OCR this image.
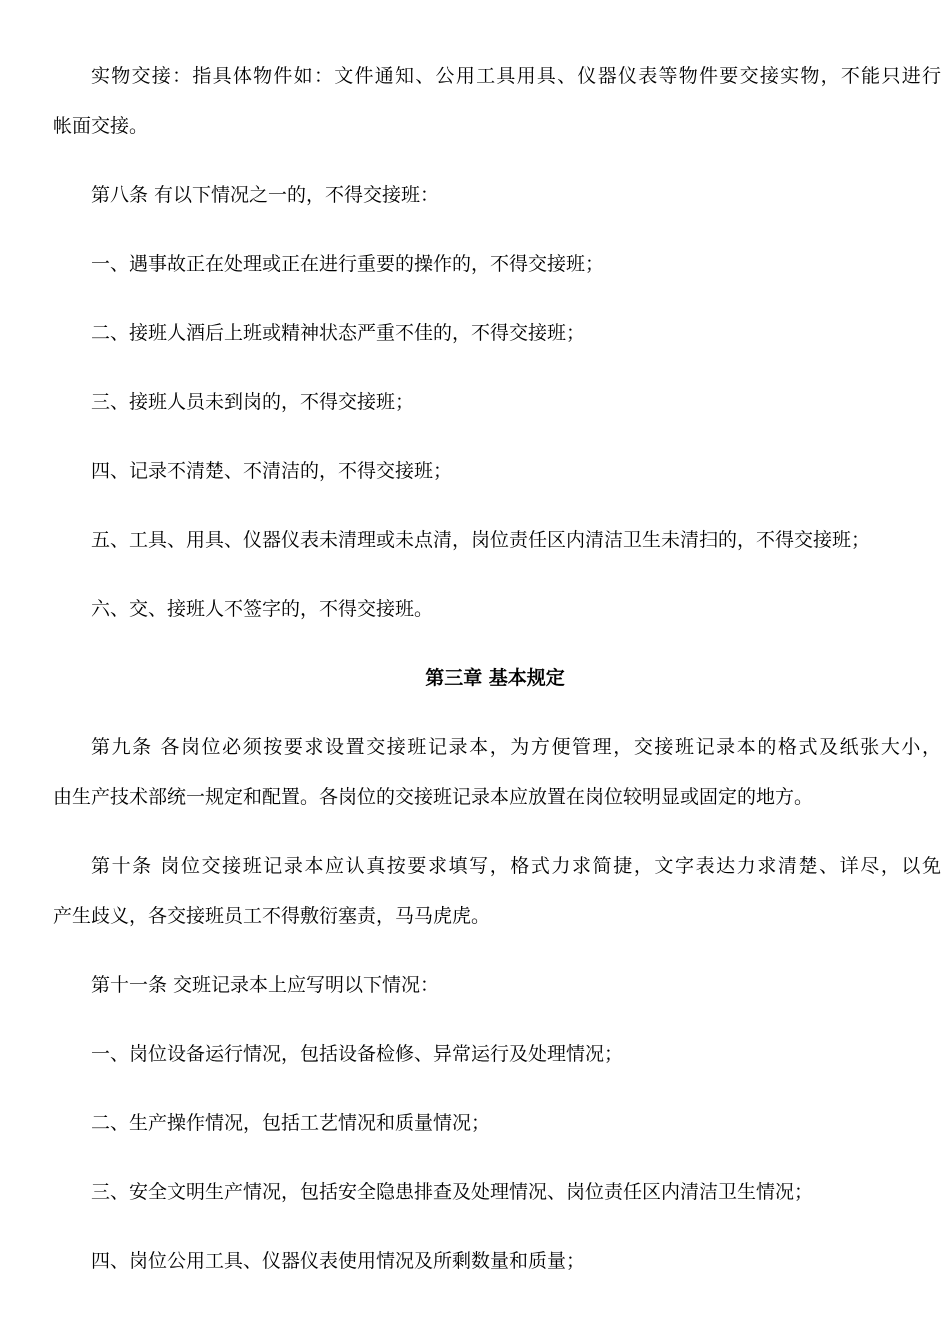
实物交接：指具体物件如：文件通知、公用工具用具、仪器仪表等物件要交接实物，不能只进行
帐面交接。
第八条 有以下情况之一的，不得交接班：
一、遇事故正在处理或正在进行重要的操作的，不得交接班；
二、接班人酒后上班或精神状态严重不佳的，不得交接班；
三、接班人员未到岗的，不得交接班；
四、记录不清楚、不清洁的，不得交接班；
五、工具、用具、仪器仪表未清理或未点清，岗位责任区内清洁卫生未清扫的，不得交接班；
六、交、接班人不签字的，不得交接班。
第三章 基本规定
第九条 各岗位必须按要求设置交接班记录本，为方便管理，交接班记录本的格式及纸张大小，
由生产技术部统一规定和配置。各岗位的交接班记录本应放置在岗位较明显或固定的地方。
第十条 岗位交接班记录本应认真按要求填写，格式力求简捷，文字表达力求清楚、详尽，以免
产生歧义，各交接班员工不得敷衍塞责，马马虎虎。
第十一条 交班记录本上应写明以下情况：
一、岗位设备运行情况，包括设备检修、异常运行及处理情况；
二、生产操作情况，包括工艺情况和质量情况；
三、安全文明生产情况，包括安全隐患排查及处理情况、岗位责任区内清洁卫生情况；
四、岗位公用工具、仪器仪表使用情况及所剩数量和质量；
